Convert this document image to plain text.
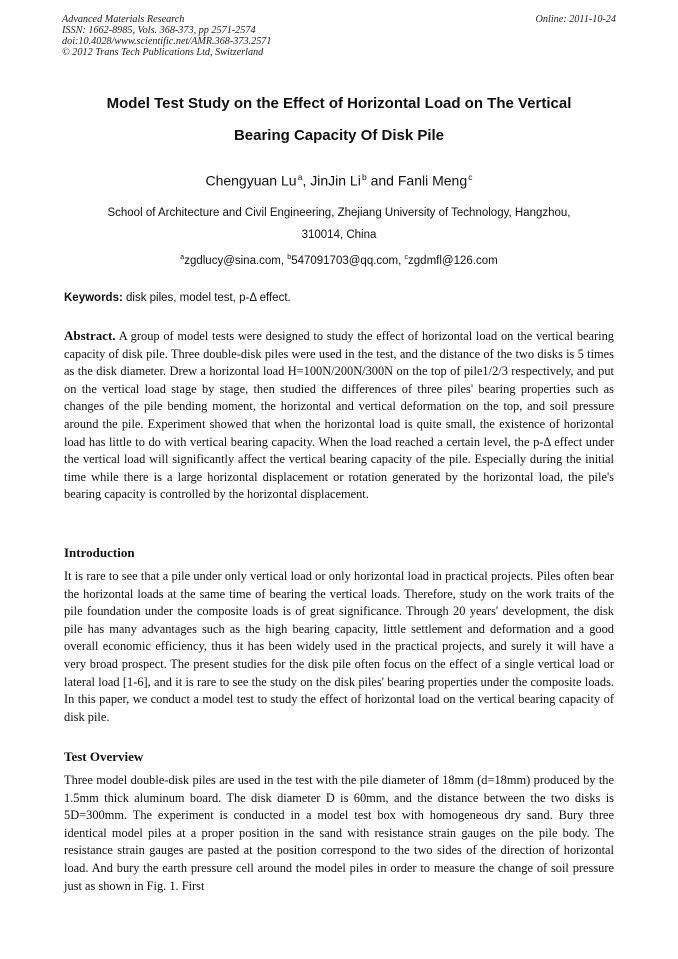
Advanced Materials Research
ISSN: 1662-8985, Vols. 368-373, pp 2571-2574
doi:10.4028/www.scientific.net/AMR.368-373.2571
© 2012 Trans Tech Publications Ltd, Switzerland
Online: 2011-10-24
Model Test Study on the Effect of Horizontal Load on The Vertical
Bearing Capacity Of Disk Pile
Chengyuan Lu $^a$, JinJin Li $^b$ and Fanli Meng $^c$
School of Architecture and Civil Engineering, Zhejiang University of Technology, Hangzhou,
310014, China
$^a$zgdlucy@sina.com, $^b$547091703@qq.com, $^c$zgdmfl@126.com
Keywords: disk piles, model test, p-Δ effect.
Abstract. A group of model tests were designed to study the effect of horizontal load on the vertical bearing capacity of disk pile. Three double-disk piles were used in the test, and the distance of the two disks is 5 times as the disk diameter. Drew a horizontal load H=100N/200N/300N on the top of pile1/2/3 respectively, and put on the vertical load stage by stage, then studied the differences of three piles' bearing properties such as changes of the pile bending moment, the horizontal and vertical deformation on the top, and soil pressure around the pile. Experiment showed that when the horizontal load is quite small, the existence of horizontal load has little to do with vertical bearing capacity. When the load reached a certain level, the p-Δ effect under the vertical load will significantly affect the vertical bearing capacity of the pile. Especially during the initial time while there is a large horizontal displacement or rotation generated by the horizontal load, the pile's bearing capacity is controlled by the horizontal displacement.
Introduction
It is rare to see that a pile under only vertical load or only horizontal load in practical projects. Piles often bear the horizontal loads at the same time of bearing the vertical loads. Therefore, study on the work traits of the pile foundation under the composite loads is of great significance. Through 20 years' development, the disk pile has many advantages such as the high bearing capacity, little settlement and deformation and a good overall economic efficiency, thus it has been widely used in the practical projects, and surely it will have a very broad prospect. The present studies for the disk pile often focus on the effect of a single vertical load or lateral load [1-6], and it is rare to see the study on the disk piles' bearing properties under the composite loads. In this paper, we conduct a model test to study the effect of horizontal load on the vertical bearing capacity of disk pile.
Test Overview
Three model double-disk piles are used in the test with the pile diameter of 18mm (d=18mm) produced by the 1.5mm thick aluminum board. The disk diameter D is 60mm, and the distance between the two disks is 5D=300mm. The experiment is conducted in a model test box with homogeneous dry sand. Bury three identical model piles at a proper position in the sand with resistance strain gauges on the pile body. The resistance strain gauges are pasted at the position correspond to the two sides of the direction of horizontal load. And bury the earth pressure cell around the model piles in order to measure the change of soil pressure just as shown in Fig. 1. First
